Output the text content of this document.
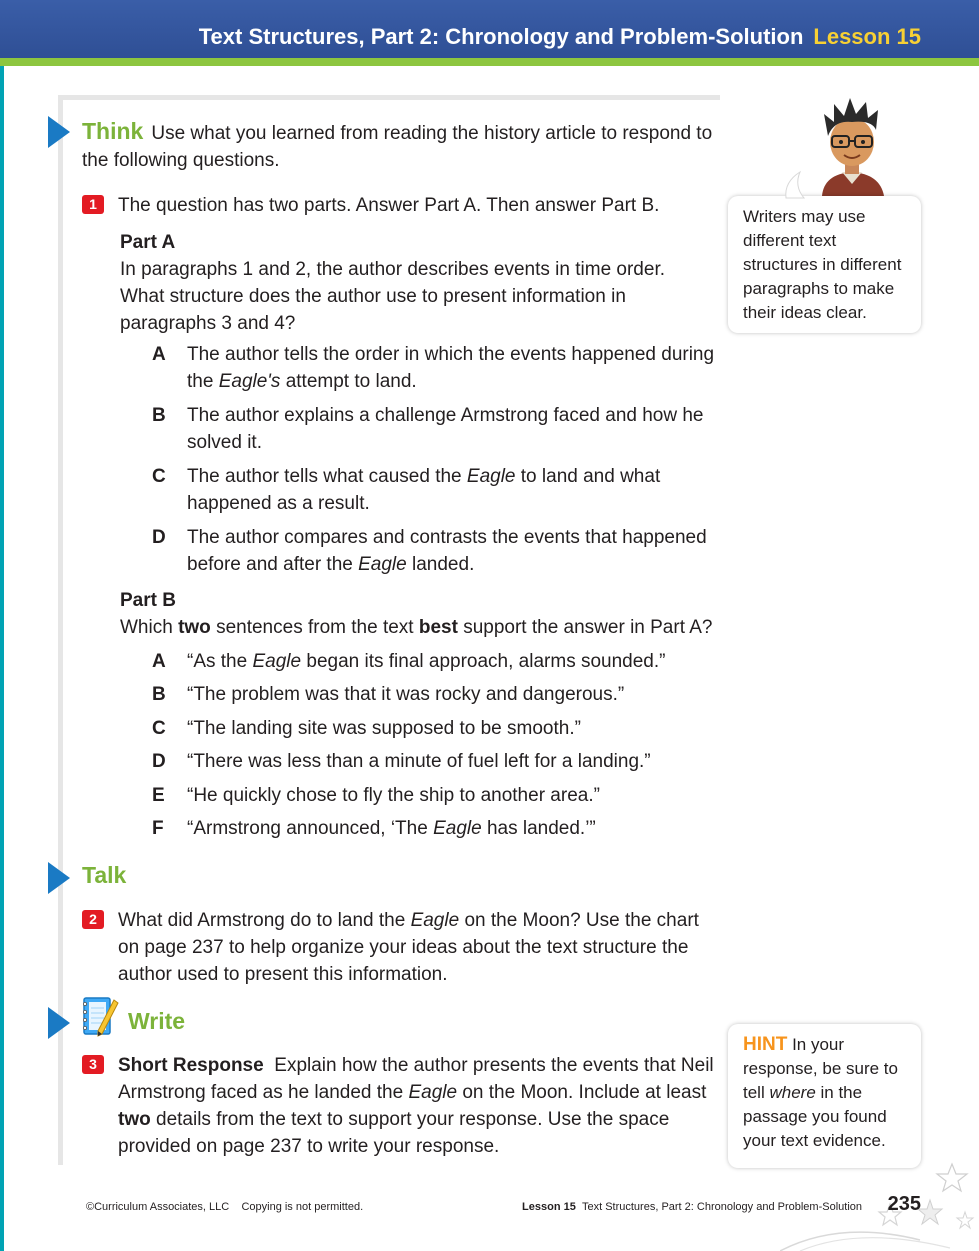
Text Structures, Part 2: Chronology and Problem-Solution Lesson 15
Think Use what you learned from reading the history article to respond to the following questions.
1	The question has two parts. Answer Part A. Then answer Part B.
Part A
In paragraphs 1 and 2, the author describes events in time order. What structure does the author use to present information in paragraphs 3 and 4?
A The author tells the order in which the events happened during the Eagle's attempt to land.
B The author explains a challenge Armstrong faced and how he solved it.
C The author tells what caused the Eagle to land and what happened as a result.
D The author compares and contrasts the events that happened before and after the Eagle landed.
Part B
Which two sentences from the text best support the answer in Part A?
A “As the Eagle began its final approach, alarms sounded.”
B “The problem was that it was rocky and dangerous.”
C “The landing site was supposed to be smooth.”
D “There was less than a minute of fuel left for a landing.”
E “He quickly chose to fly the ship to another area.”
F “Armstrong announced, ‘The Eagle has landed.’”
Talk
2	What did Armstrong do to land the Eagle on the Moon? Use the chart on page 237 to help organize your ideas about the text structure the author used to present this information.
Write
3	Short Response Explain how the author presents the events that Neil Armstrong faced as he landed the Eagle on the Moon. Include at least two details from the text to support your response. Use the space provided on page 237 to write your response.
Writers may use different text structures in different paragraphs to make their ideas clear.
HINT In your response, be sure to tell where in the passage you found your text evidence.
©Curriculum Associates, LLC Copying is not permitted.	Lesson 15 Text Structures, Part 2: Chronology and Problem-Solution 235
